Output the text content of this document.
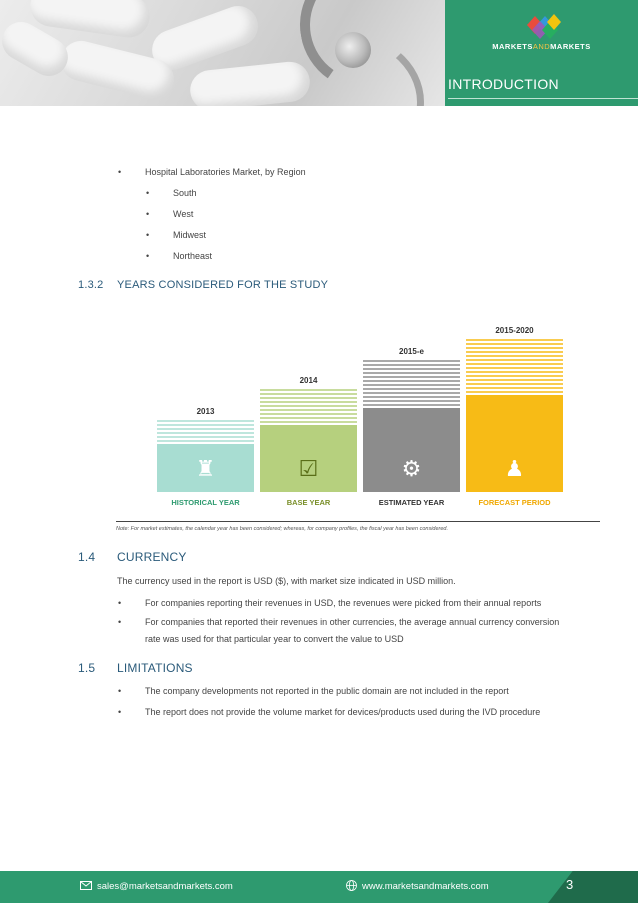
MARKETSANDMARKETS
INTRODUCTION
•	Hospital Laboratories Market, by Region
•	South
•	West
•	Midwest
•	Northeast
1.3.2 YEARS CONSIDERED FOR THE STUDY
2013
♜
HISTORICAL YEAR
2014
☑
BASE YEAR
2015-e
⚙
ESTIMATED YEAR
2015-2020
♟
FORECAST PERIOD
Note: For market estimates, the calendar year has been considered; whereas, for company profiles, the fiscal year has been considered.
1.4 CURRENCY
The currency used in the report is USD ($), with market size indicated in USD million.
•	For companies reporting their revenues in USD, the revenues were picked from their annual reports
•	For companies that reported their revenues in other currencies, the average annual currency conversion
rate was used for that particular year to convert the value to USD
1.5 LIMITATIONS
•	The company developments not reported in the public domain are not included in the report
•	The report does not provide the volume market for devices/products used during the IVD procedure
sales@marketsandmarkets.com	www.marketsandmarkets.com	3
